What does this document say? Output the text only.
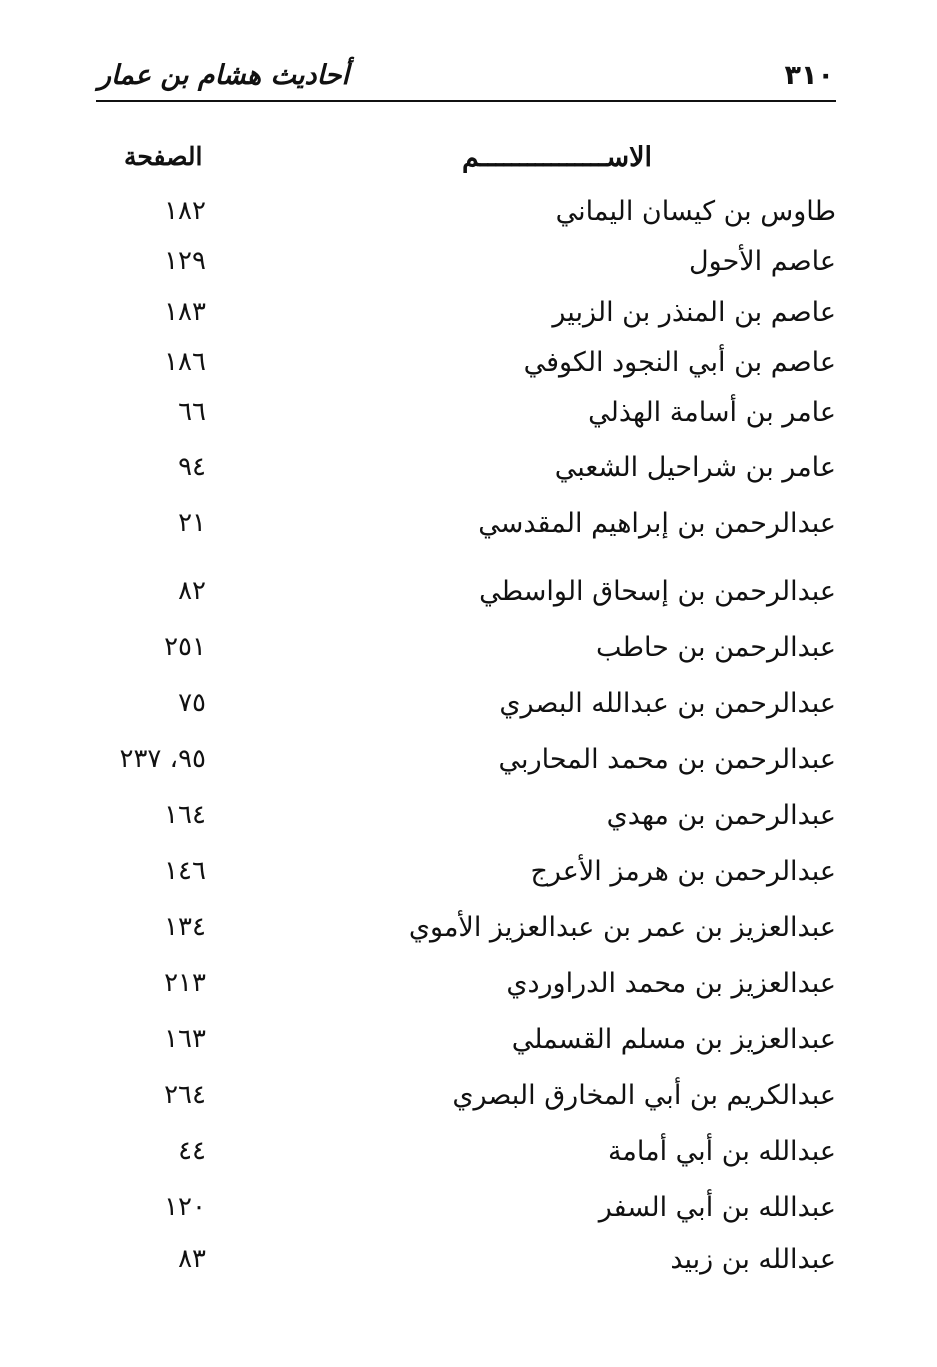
أحاديث هشام بن عمار	٣١٠
الاســــــــــــــــم
الصفحة
طاوس بن كيسان اليماني
١٨٢
عاصم الأحول
١٢٩
عاصم بن المنذر بن الزبير
١٨٣
عاصم بن أبي النجود الكوفي
١٨٦
عامر بن أسامة الهذلي
٦٦
عامر بن شراحيل الشعبي
٩٤
عبدالرحمن بن إبراهيم المقدسي
٢١
عبدالرحمن بن إسحاق الواسطي
٨٢
عبدالرحمن بن حاطب
٢٥١
عبدالرحمن بن عبدالله البصري
٧٥
عبدالرحمن بن محمد المحاربي
٩٥، ٢٣٧
عبدالرحمن بن مهدي
١٦٤
عبدالرحمن بن هرمز الأعرج
١٤٦
عبدالعزيز بن عمر بن عبدالعزيز الأموي
١٣٤
عبدالعزيز بن محمد الدراوردي
٢١٣
عبدالعزيز بن مسلم القسملي
١٦٣
عبدالكريم بن أبي المخارق البصري
٢٦٤
عبدالله بن أبي أمامة
٤٤
عبدالله بن أبي السفر
١٢٠
عبدالله بن زبيد
٨٣
